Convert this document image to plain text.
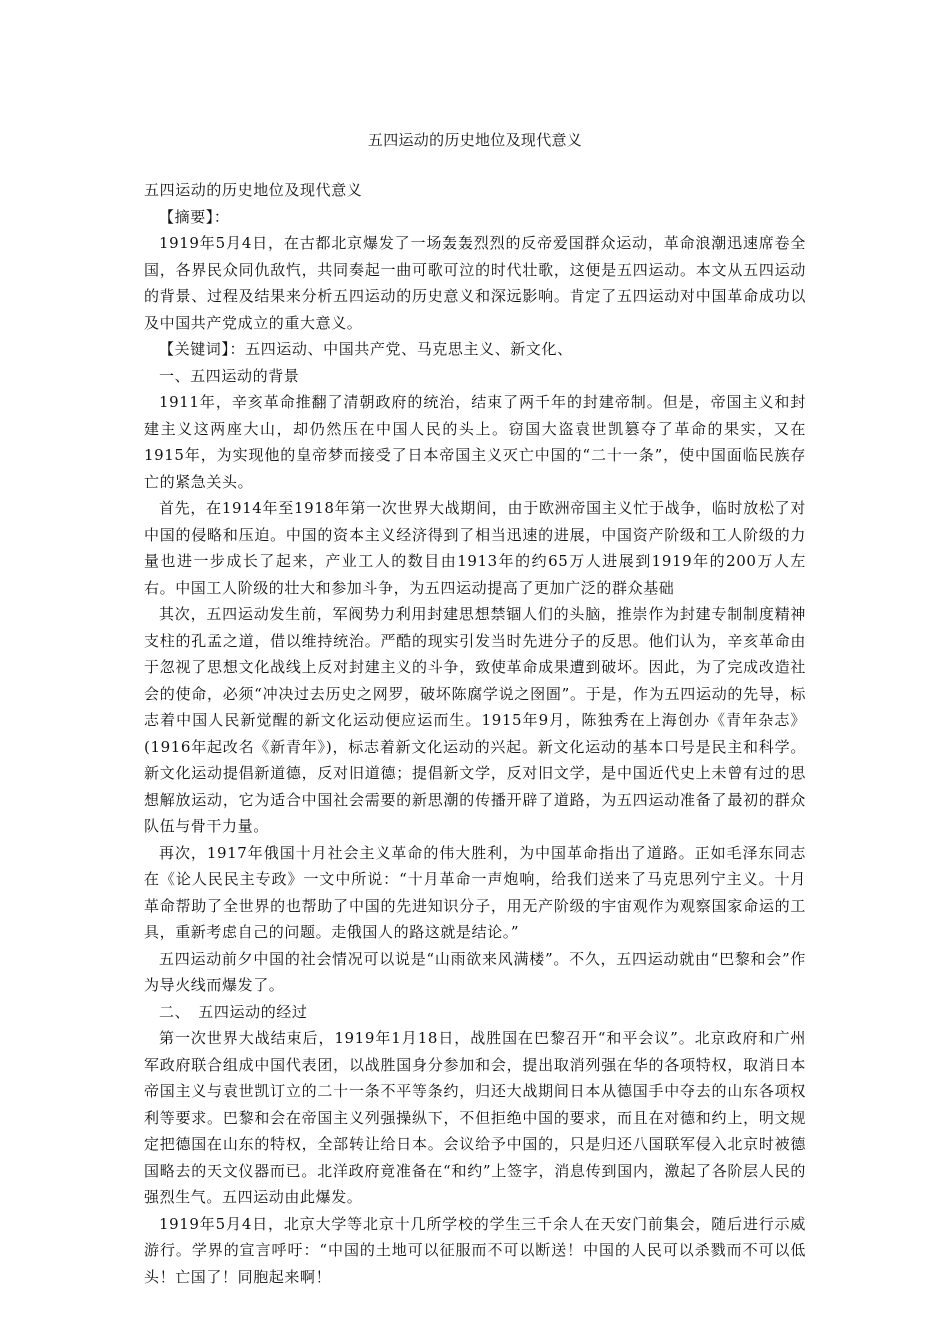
五四运动的历史地位及现代意义

五四运动的历史地位及现代意义

【摘要】：

1919年5月4日，在古都北京爆发了一场轰轰烈烈的反帝爱国群众运动，革命浪潮迅速席卷全国，各界民众同仇敌忾，共同奏起一曲可歌可泣的时代壮歌，这便是五四运动。本文从五四运动的背景、过程及结果来分析五四运动的历史意义和深远影响。肯定了五四运动对中国革命成功以及中国共产党成立的重大意义。

【关键词】：五四运动、中国共产党、马克思主义、新文化、

一、五四运动的背景

1911年，辛亥革命推翻了清朝政府的统治，结束了两千年的封建帝制。但是，帝国主义和封建主义这两座大山，却仍然压在中国人民的头上。窃国大盗袁世凯篡夺了革命的果实，又在1915年，为实现他的皇帝梦而接受了日本帝国主义灭亡中国的“二十一条”，使中国面临民族存亡的紧急关头。

首先，在1914年至1918年第一次世界大战期间，由于欧洲帝国主义忙于战争，临时放松了对中国的侵略和压迫。中国的资本主义经济得到了相当迅速的进展，中国资产阶级和工人阶级的力量也进一步成长了起来，产业工人的数目由1913年的约65万人进展到1919年的200万人左右。中国工人阶级的壮大和参加斗争，为五四运动提高了更加广泛的群众基础

其次，五四运动发生前，军阀势力利用封建思想禁锢人们的头脑，推崇作为封建专制制度精神支柱的孔孟之道，借以维持统治。严酷的现实引发当时先进分子的反思。他们认为，辛亥革命由于忽视了思想文化战线上反对封建主义的斗争，致使革命成果遭到破坏。因此，为了完成改造社会的使命，必须“冲决过去历史之网罗，破坏陈腐学说之囹圄”。于是，作为五四运动的先导，标志着中国人民新觉醒的新文化运动便应运而生。1915年9月，陈独秀在上海创办《青年杂志》(1916年起改名《新青年》)，标志着新文化运动的兴起。新文化运动的基本口号是民主和科学。新文化运动提倡新道德，反对旧道德；提倡新文学，反对旧文学，是中国近代史上未曾有过的思想解放运动，它为适合中国社会需要的新思潮的传播开辟了道路，为五四运动准备了最初的群众队伍与骨干力量。

再次，1917年俄国十月社会主义革命的伟大胜利，为中国革命指出了道路。正如毛泽东同志在《论人民民主专政》一文中所说：“十月革命一声炮响，给我们送来了马克思列宁主义。十月革命帮助了全世界的也帮助了中国的先进知识分子，用无产阶级的宇宙观作为观察国家命运的工具，重新考虑自己的问题。走俄国人的路这就是结论。”

五四运动前夕中国的社会情况可以说是“山雨欲来风满楼”。不久，五四运动就由“巴黎和会”作为导火线而爆发了。

二、　五四运动的经过

第一次世界大战结束后，1919年1月18日，战胜国在巴黎召开“和平会议”。北京政府和广州军政府联合组成中国代表团，以战胜国身分参加和会，提出取消列强在华的各项特权，取消日本帝国主义与袁世凯订立的二十一条不平等条约，归还大战期间日本从德国手中夺去的山东各项权利等要求。巴黎和会在帝国主义列强操纵下，不但拒绝中国的要求，而且在对德和约上，明文规定把德国在山东的特权，全部转让给日本。会议给予中国的，只是归还八国联军侵入北京时被德国略去的天文仪器而已。北洋政府竟准备在“和约”上签字，消息传到国内，激起了各阶层人民的强烈生气。五四运动由此爆发。

1919年5月4日，北京大学等北京十几所学校的学生三千余人在天安门前集会，随后进行示威游行。学界的宣言呼吁：“中国的土地可以征服而不可以断送！中国的人民可以杀戮而不可以低头！亡国了！同胞起来啊！
